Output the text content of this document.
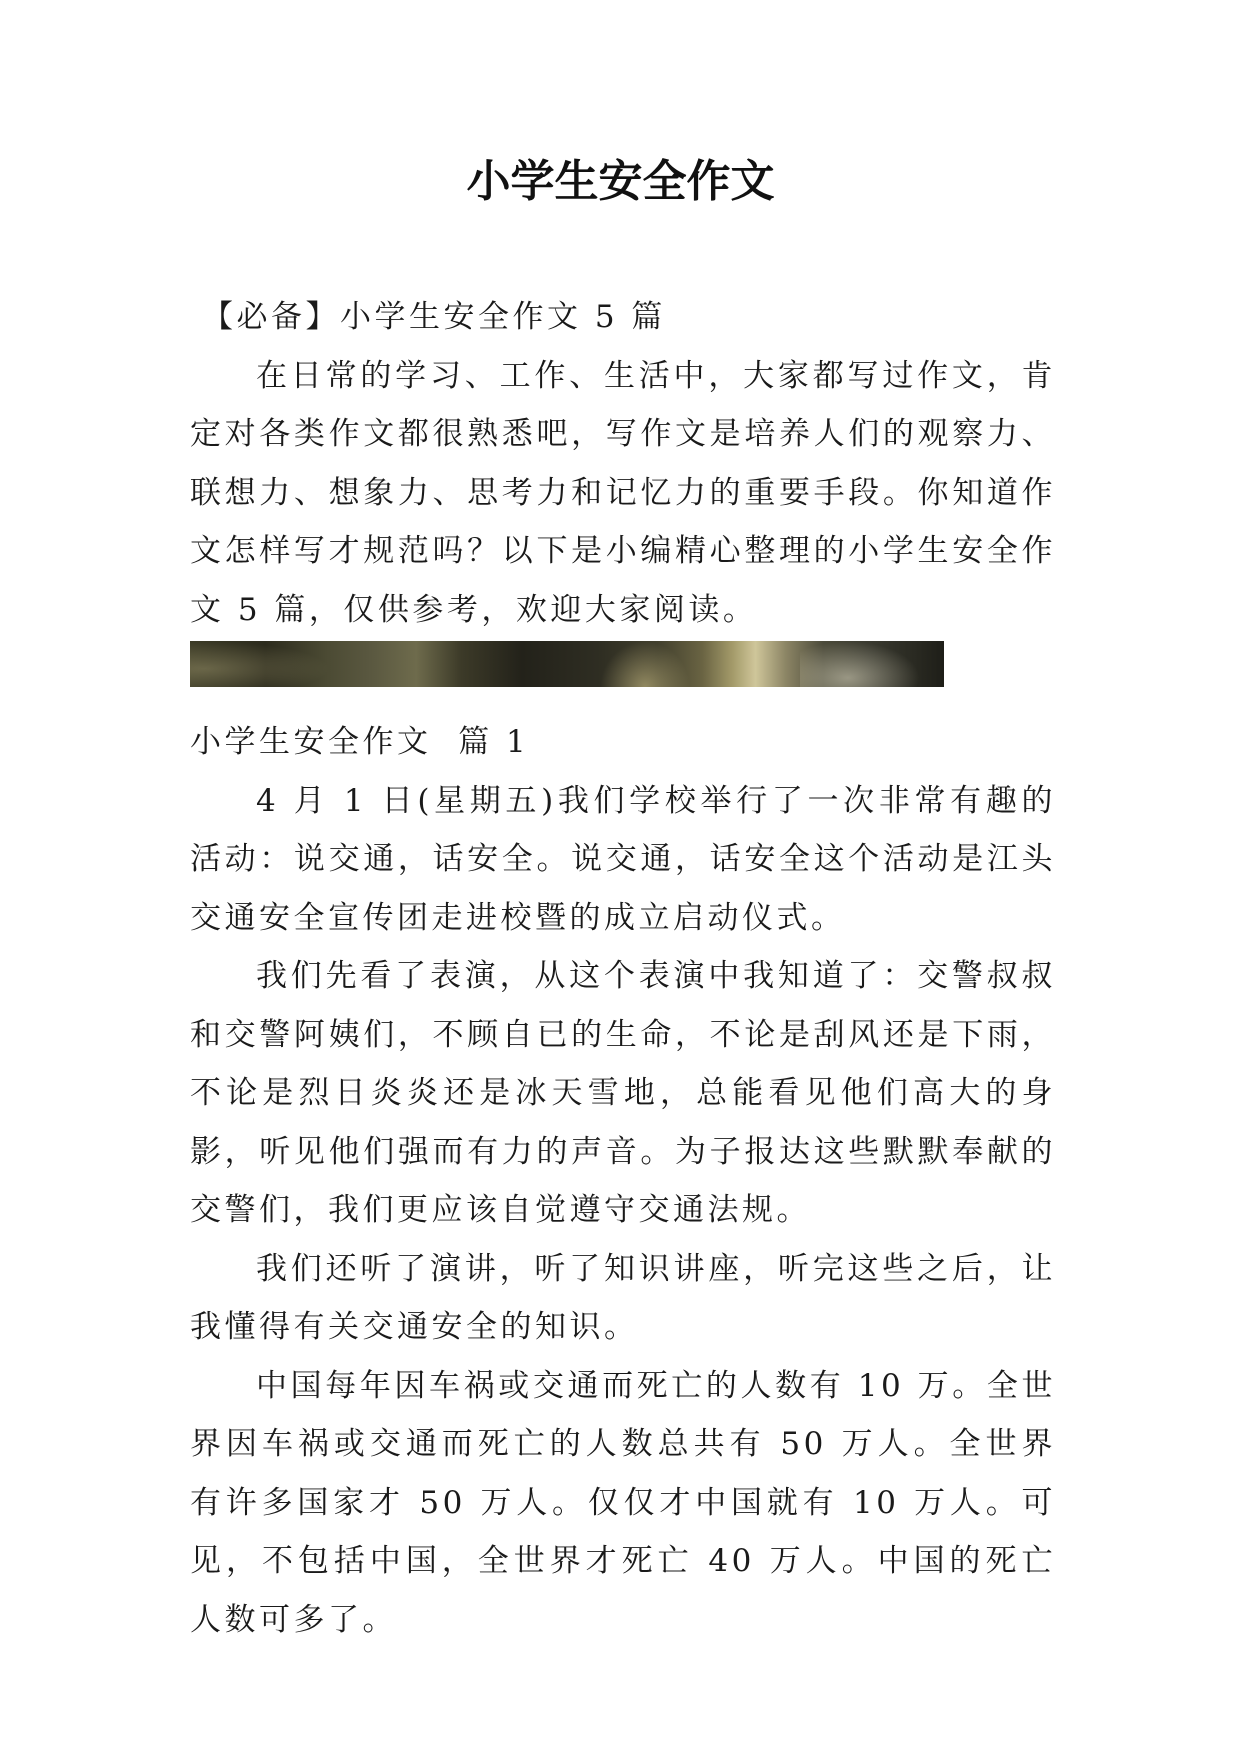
小学生安全作文

【必备】小学生安全作文 5 篇

在日常的学习、工作、生活中，大家都写过作文，肯定对各类作文都很熟悉吧，写作文是培养人们的观察力、联想力、想象力、思考力和记忆力的重要手段。你知道作文怎样写才规范吗？以下是小编精心整理的小学生安全作文 5 篇，仅供参考，欢迎大家阅读。

小学生安全作文  篇 1

4 月 1 日(星期五)我们学校举行了一次非常有趣的活动：说交通，话安全。说交通，话安全这个活动是江头交通安全宣传团走进校暨的成立启动仪式。

我们先看了表演，从这个表演中我知道了：交警叔叔和交警阿姨们，不顾自已的生命，不论是刮风还是下雨，不论是烈日炎炎还是冰天雪地，总能看见他们高大的身影，听见他们强而有力的声音。为子报达这些默默奉献的交警们，我们更应该自觉遵守交通法规。

我们还听了演讲，听了知识讲座，听完这些之后，让我懂得有关交通安全的知识。

中国每年因车祸或交通而死亡的人数有 10 万。全世界因车祸或交通而死亡的人数总共有 50 万人。全世界有许多国家才 50 万人。仅仅才中国就有 10 万人。可见，不包括中国，全世界才死亡 40 万人。中国的死亡人数可多了。
